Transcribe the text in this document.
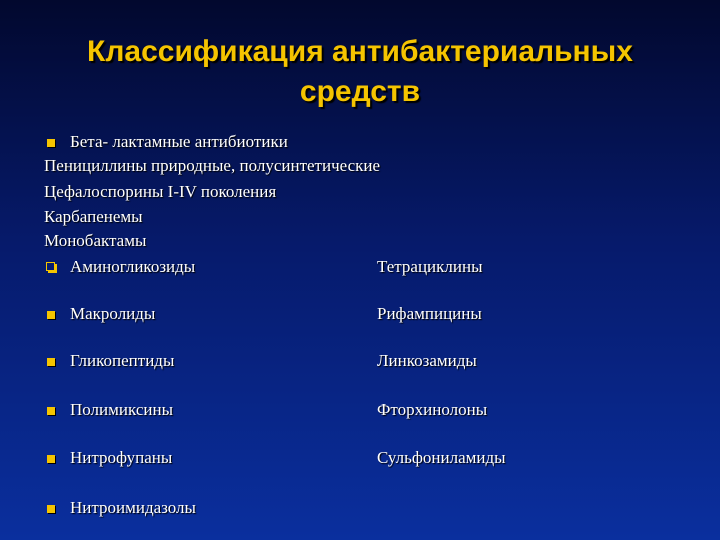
Классификация антибактериальных
средств
Бета- лактамные антибиотики
Пенициллины природные, полусинтетические
Цефалоспорины I-IV поколения
Карбапенемы
Монобактамы
Аминогликозиды	Тетрациклины
Макролиды	Рифампицины
Гликопептиды	Линкозамиды
Полимиксины	Фторхинолоны
Нитрофупаны	Сульфониламиды
Нитроимидазолы
